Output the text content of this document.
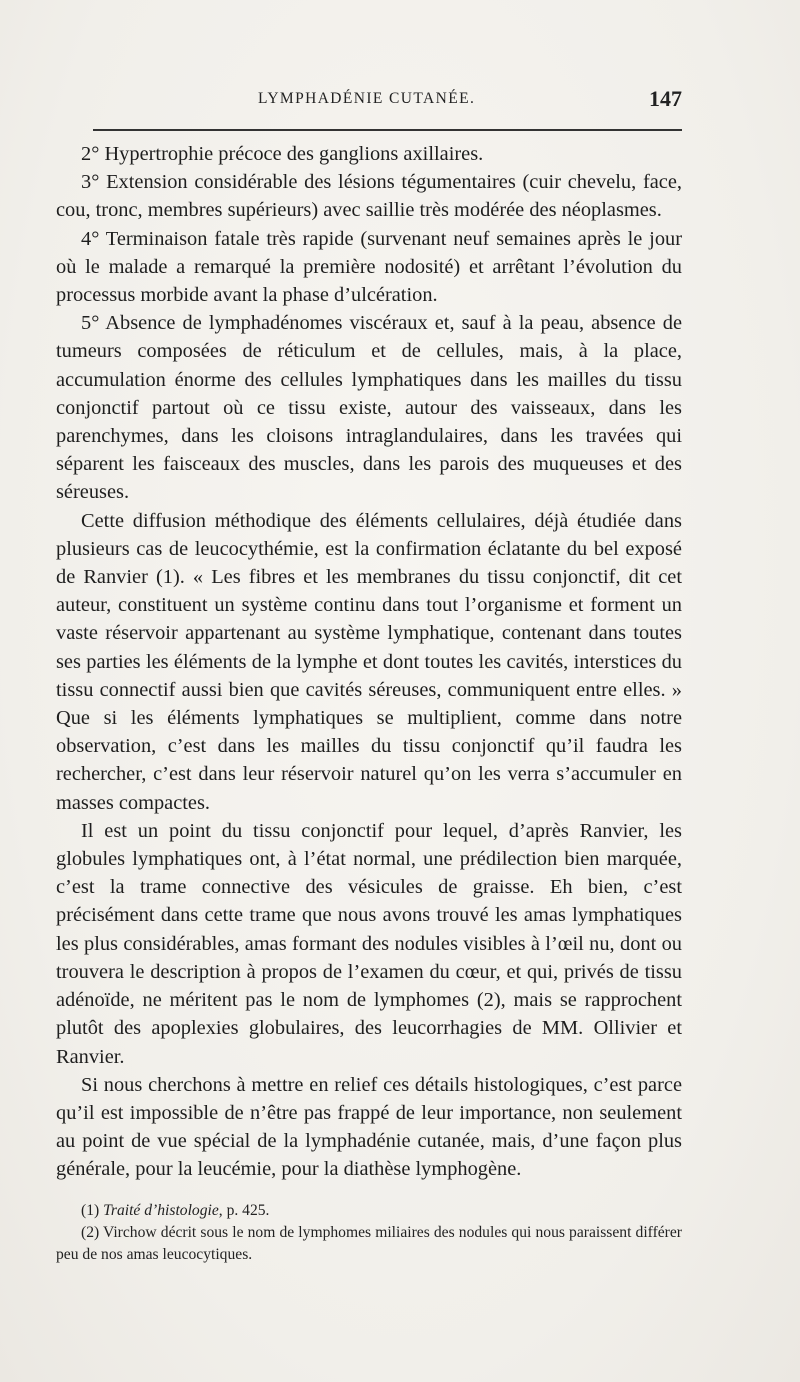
LYMPHADÉNIE CUTANÉE.	147

2° Hypertrophie précoce des ganglions axillaires.

3° Extension considérable des lésions tégumentaires (cuir chevelu, face, cou, tronc, membres supérieurs) avec saillie très modérée des néoplasmes.

4° Terminaison fatale très rapide (survenant neuf semaines après le jour où le malade a remarqué la première nodosité) et arrêtant l’évolution du processus morbide avant la phase d’ulcération.

5° Absence de lymphadénomes viscéraux et, sauf à la peau, absence de tumeurs composées de réticulum et de cellules, mais, à la place, accumulation énorme des cellules lymphatiques dans les mailles du tissu conjonctif partout où ce tissu existe, autour des vaisseaux, dans les parenchymes, dans les cloisons intraglandulaires, dans les travées qui séparent les faisceaux des muscles, dans les parois des muqueuses et des séreuses.

Cette diffusion méthodique des éléments cellulaires, déjà étudiée dans plusieurs cas de leucocythémie, est la confirmation éclatante du bel exposé de Ranvier (1). « Les fibres et les membranes du tissu conjonctif, dit cet auteur, constituent un système continu dans tout l’organisme et forment un vaste réservoir appartenant au système lymphatique, contenant dans toutes ses parties les éléments de la lymphe et dont toutes les cavités, interstices du tissu connectif aussi bien que cavités séreuses, communiquent entre elles. » Que si les éléments lymphatiques se multiplient, comme dans notre observation, c’est dans les mailles du tissu conjonctif qu’il faudra les rechercher, c’est dans leur réservoir naturel qu’on les verra s’accumuler en masses compactes.

Il est un point du tissu conjonctif pour lequel, d’après Ranvier, les globules lymphatiques ont, à l’état normal, une prédilection bien marquée, c’est la trame connective des vésicules de graisse. Eh bien, c’est précisément dans cette trame que nous avons trouvé les amas lymphatiques les plus considérables, amas formant des nodules visibles à l’œil nu, dont ou trouvera le description à propos de l’examen du cœur, et qui, privés de tissu adénoïde, ne méritent pas le nom de lymphomes (2), mais se rapprochent plutôt des apoplexies globulaires, des leucorrhagies de MM. Ollivier et Ranvier.

Si nous cherchons à mettre en relief ces détails histologiques, c’est parce qu’il est impossible de n’être pas frappé de leur importance, non seulement au point de vue spécial de la lymphadénie cutanée, mais, d’une façon plus générale, pour la leucémie, pour la diathèse lymphogène.

(1) Traité d’histologie, p. 425.

(2) Virchow décrit sous le nom de lymphomes miliaires des nodules qui nous paraissent différer peu de nos amas leucocytiques.
